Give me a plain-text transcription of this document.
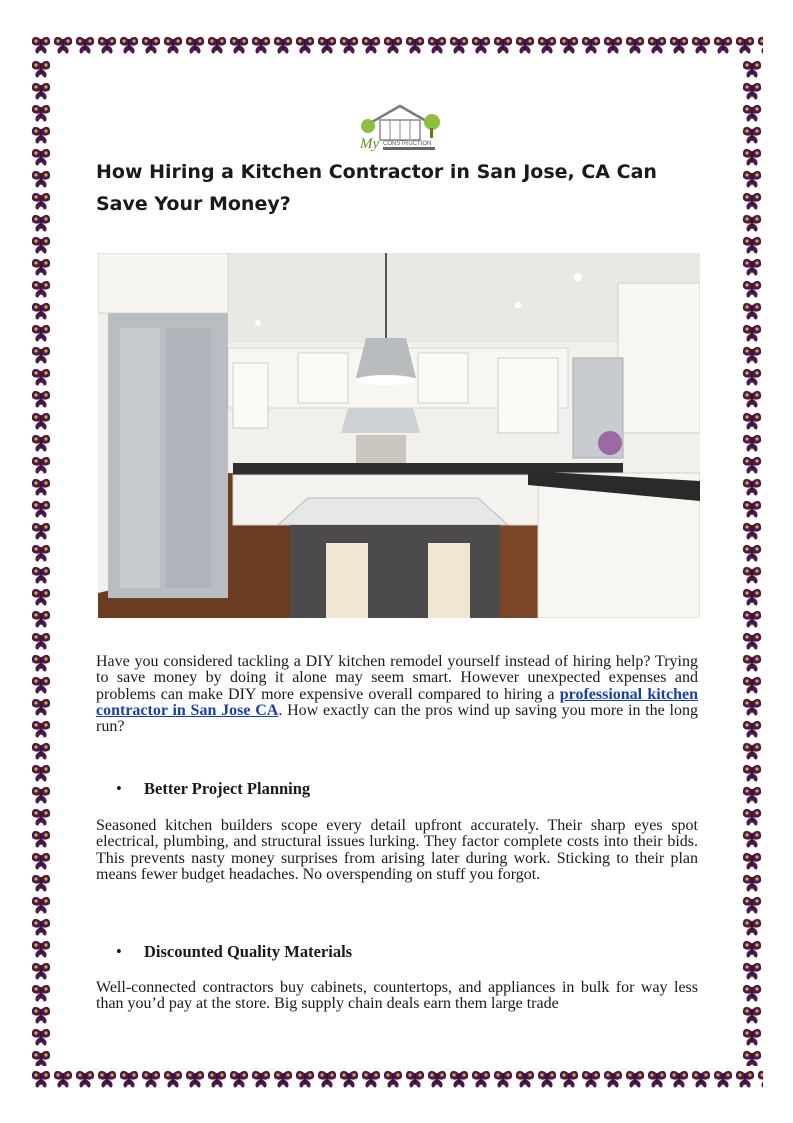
My CONSTRUCTION
How Hiring a Kitchen Contractor in San Jose, CA Can Save Your Money?

Have you considered tackling a DIY kitchen remodel yourself instead of hiring help? Trying to save money by doing it alone may seem smart. However unexpected expenses and problems can make DIY more expensive overall compared to hiring a professional kitchen contractor in San Jose CA. How exactly can the pros wind up saving you more in the long run?

• Better Project Planning

Seasoned kitchen builders scope every detail upfront accurately. Their sharp eyes spot electrical, plumbing, and structural issues lurking. They factor complete costs into their bids. This prevents nasty money surprises from arising later during work. Sticking to their plan means fewer budget headaches. No overspending on stuff you forgot.

• Discounted Quality Materials

Well-connected contractors buy cabinets, countertops, and appliances in bulk for way less than you’d pay at the store. Big supply chain deals earn them large trade
